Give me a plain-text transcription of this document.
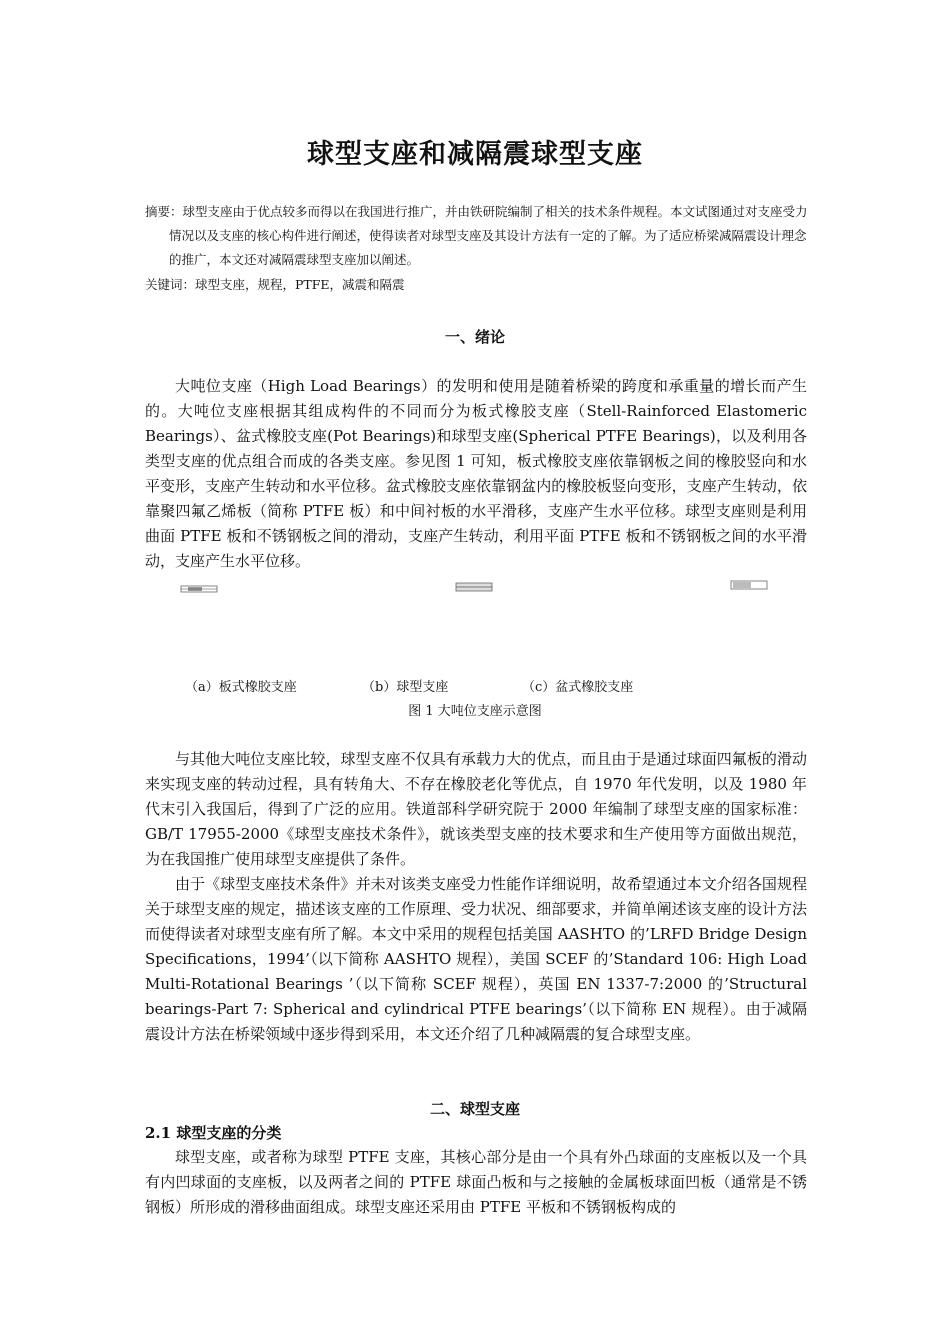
球型支座和减隔震球型支座

摘要：球型支座由于优点较多而得以在我国进行推广，并由铁研院编制了相关的技术条件规程。本文试图通过对支座受力情况以及支座的核心构件进行阐述，使得读者对球型支座及其设计方法有一定的了解。为了适应桥梁减隔震设计理念的推广，本文还对减隔震球型支座加以阐述。

关键词：球型支座，规程，PTFE，减震和隔震
一、绪论

大吨位支座（High Load Bearings）的发明和使用是随着桥梁的跨度和承重量的增长而产生的。大吨位支座根据其组成构件的不同而分为板式橡胶支座（Stell-Rainforced Elastomeric Bearings）、盆式橡胶支座(Pot Bearings)和球型支座(Spherical PTFE Bearings)，以及利用各类型支座的优点组合而成的各类支座。参见图 1 可知，板式橡胶支座依靠钢板之间的橡胶竖向和水平变形，支座产生转动和水平位移。盆式橡胶支座依靠钢盆内的橡胶板竖向变形，支座产生转动，依靠聚四氟乙烯板（简称 PTFE 板）和中间衬板的水平滑移，支座产生水平位移。球型支座则是利用曲面 PTFE 板和不锈钢板之间的滑动，支座产生转动，利用平面 PTFE 板和不锈钢板之间的水平滑动，支座产生水平位移。

（a）板式橡胶支座	（b）球型支座	（c）盆式橡胶支座
图 1 大吨位支座示意图

与其他大吨位支座比较，球型支座不仅具有承载力大的优点，而且由于是通过球面四氟板的滑动来实现支座的转动过程，具有转角大、不存在橡胶老化等优点，自 1970 年代发明，以及 1980 年代末引入我国后，得到了广泛的应用。铁道部科学研究院于 2000 年编制了球型支座的国家标准：GB/T 17955-2000《球型支座技术条件》，就该类型支座的技术要求和生产使用等方面做出规范，为在我国推广使用球型支座提供了条件。

由于《球型支座技术条件》并未对该类支座受力性能作详细说明，故希望通过本文介绍各国规程关于球型支座的规定，描述该支座的工作原理、受力状况、细部要求，并简单阐述该支座的设计方法而使得读者对球型支座有所了解。本文中采用的规程包括美国 AASHTO 的’LRFD Bridge Design Specifications，1994’（以下简称 AASHTO 规程），美国 SCEF 的’Standard 106: High Load Multi-Rotational Bearings ’（以下简称 SCEF 规程），英国 EN 1337-7:2000 的’Structural bearings-Part 7: Spherical and cylindrical PTFE bearings’（以下简称 EN 规程）。由于减隔震设计方法在桥梁领域中逐步得到采用，本文还介绍了几种减隔震的复合球型支座。

二、球型支座
2.1 球型支座的分类

球型支座，或者称为球型 PTFE 支座，其核心部分是由一个具有外凸球面的支座板以及一个具有内凹球面的支座板，以及两者之间的 PTFE 球面凸板和与之接触的金属板球面凹板（通常是不锈钢板）所形成的滑移曲面组成。球型支座还采用由 PTFE 平板和不锈钢板构成的
